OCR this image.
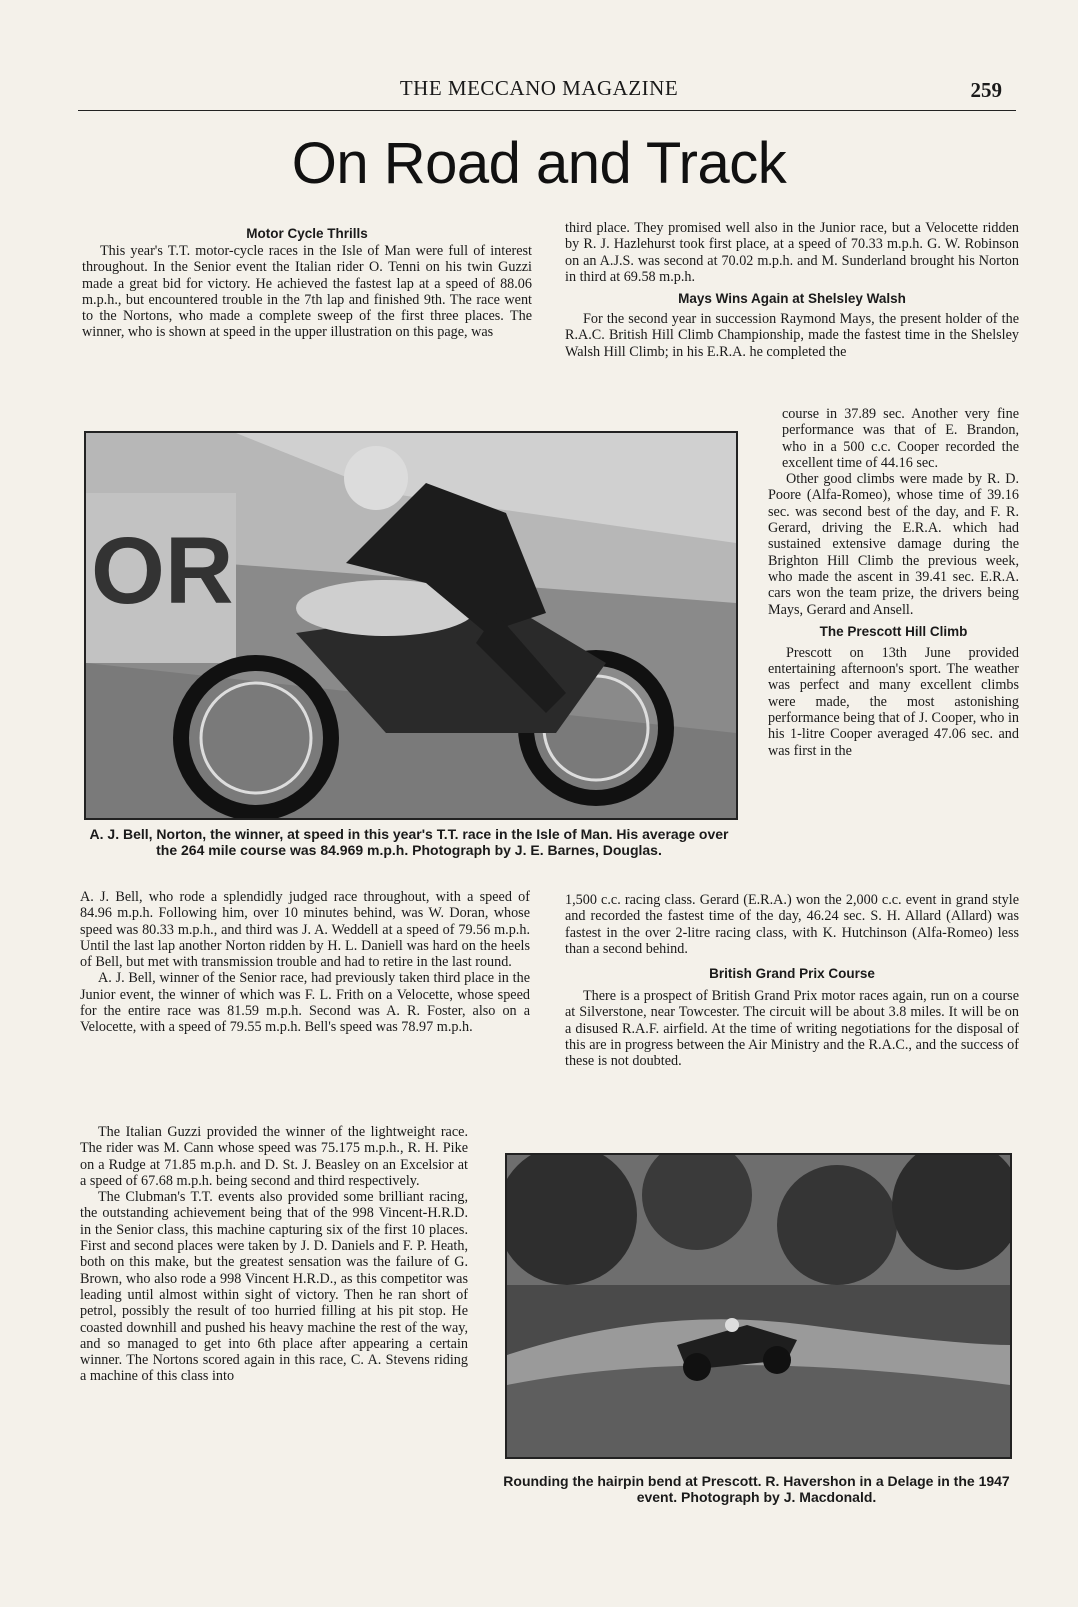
THE MECCANO MAGAZINE	259
On Road and Track
Motor Cycle Thrills

This year's T.T. motor-cycle races in the Isle of Man were full of interest throughout. In the Senior event the Italian rider O. Tenni on his twin Guzzi made a great bid for victory. He achieved the fastest lap at a speed of 88.06 m.p.h., but encountered trouble in the 7th lap and finished 9th. The race went to the Nortons, who made a complete sweep of the first three places. The winner, who is shown at speed in the upper illustration on this page, was

third place. They promised well also in the Junior race, but a Velocette ridden by R. J. Hazlehurst took first place, at a speed of 70.33 m.p.h. G. W. Robinson on an A.J.S. was second at 70.02 m.p.h. and M. Sunderland brought his Norton in third at 69.58 m.p.h.

Mays Wins Again at Shelsley Walsh

For the second year in succession Raymond Mays, the present holder of the R.A.C. British Hill Climb Championship, made the fastest time in the Shelsley Walsh Hill Climb; in his E.R.A. he completed the

OR
A. J. Bell, Norton, the winner, at speed in this year's T.T. race in the Isle of Man. His average over the 264 mile course was 84.969 m.p.h. Photograph by J. E. Barnes, Douglas.

course in 37.89 sec. Another very fine performance was that of E. Brandon, who in a 500 c.c. Cooper recorded the excellent time of 44.16 sec.

Other good climbs were made by R. D. Poore (Alfa-Romeo), whose time of 39.16 sec. was second best of the day, and F. R. Gerard, driving the E.R.A. which had sustained extensive damage during the Brighton Hill Climb the previous week, who made the ascent in 39.41 sec. E.R.A. cars won the team prize, the drivers being Mays, Gerard and Ansell.

The Prescott Hill Climb

Prescott on 13th June provided entertaining afternoon's sport. The weather was perfect and many excellent climbs were made, the most astonishing performance being that of J. Cooper, who in his 1-litre Cooper averaged 47.06 sec. and was first in the

A. J. Bell, who rode a splendidly judged race throughout, with a speed of 84.96 m.p.h. Following him, over 10 minutes behind, was W. Doran, whose speed was 80.33 m.p.h., and third was J. A. Weddell at a speed of 79.56 m.p.h. Until the last lap another Norton ridden by H. L. Daniell was hard on the heels of Bell, but met with transmission trouble and had to retire in the last round.

A. J. Bell, winner of the Senior race, had previously taken third place in the Junior event, the winner of which was F. L. Frith on a Velocette, whose speed for the entire race was 81.59 m.p.h. Second was A. R. Foster, also on a Velocette, with a speed of 79.55 m.p.h. Bell's speed was 78.97 m.p.h.

The Italian Guzzi provided the winner of the lightweight race. The rider was M. Cann whose speed was 75.175 m.p.h., R. H. Pike on a Rudge at 71.85 m.p.h. and D. St. J. Beasley on an Excelsior at a speed of 67.68 m.p.h. being second and third respectively.

The Clubman's T.T. events also provided some brilliant racing, the outstanding achievement being that of the 998 Vincent-H.R.D. in the Senior class, this machine capturing six of the first 10 places. First and second places were taken by J. D. Daniels and F. P. Heath, both on this make, but the greatest sensation was the failure of G. Brown, who also rode a 998 Vincent H.R.D., as this competitor was leading until almost within sight of victory. Then he ran short of petrol, possibly the result of too hurried filling at his pit stop. He coasted downhill and pushed his heavy machine the rest of the way, and so managed to get into 6th place after appearing a certain winner. The Nortons scored again in this race, C. A. Stevens riding a machine of this class into

1,500 c.c. racing class. Gerard (E.R.A.) won the 2,000 c.c. event in grand style and recorded the fastest time of the day, 46.24 sec. S. H. Allard (Allard) was fastest in the over 2-litre racing class, with K. Hutchinson (Alfa-Romeo) less than a second behind.

British Grand Prix Course

There is a prospect of British Grand Prix motor races again, run on a course at Silverstone, near Towcester. The circuit will be about 3.8 miles. It will be on a disused R.A.F. airfield. At the time of writing negotiations for the disposal of this are in progress between the Air Ministry and the R.A.C., and the success of these is not doubted.

Rounding the hairpin bend at Prescott. R. Havershon in a Delage in the 1947 event. Photograph by J. Macdonald.
